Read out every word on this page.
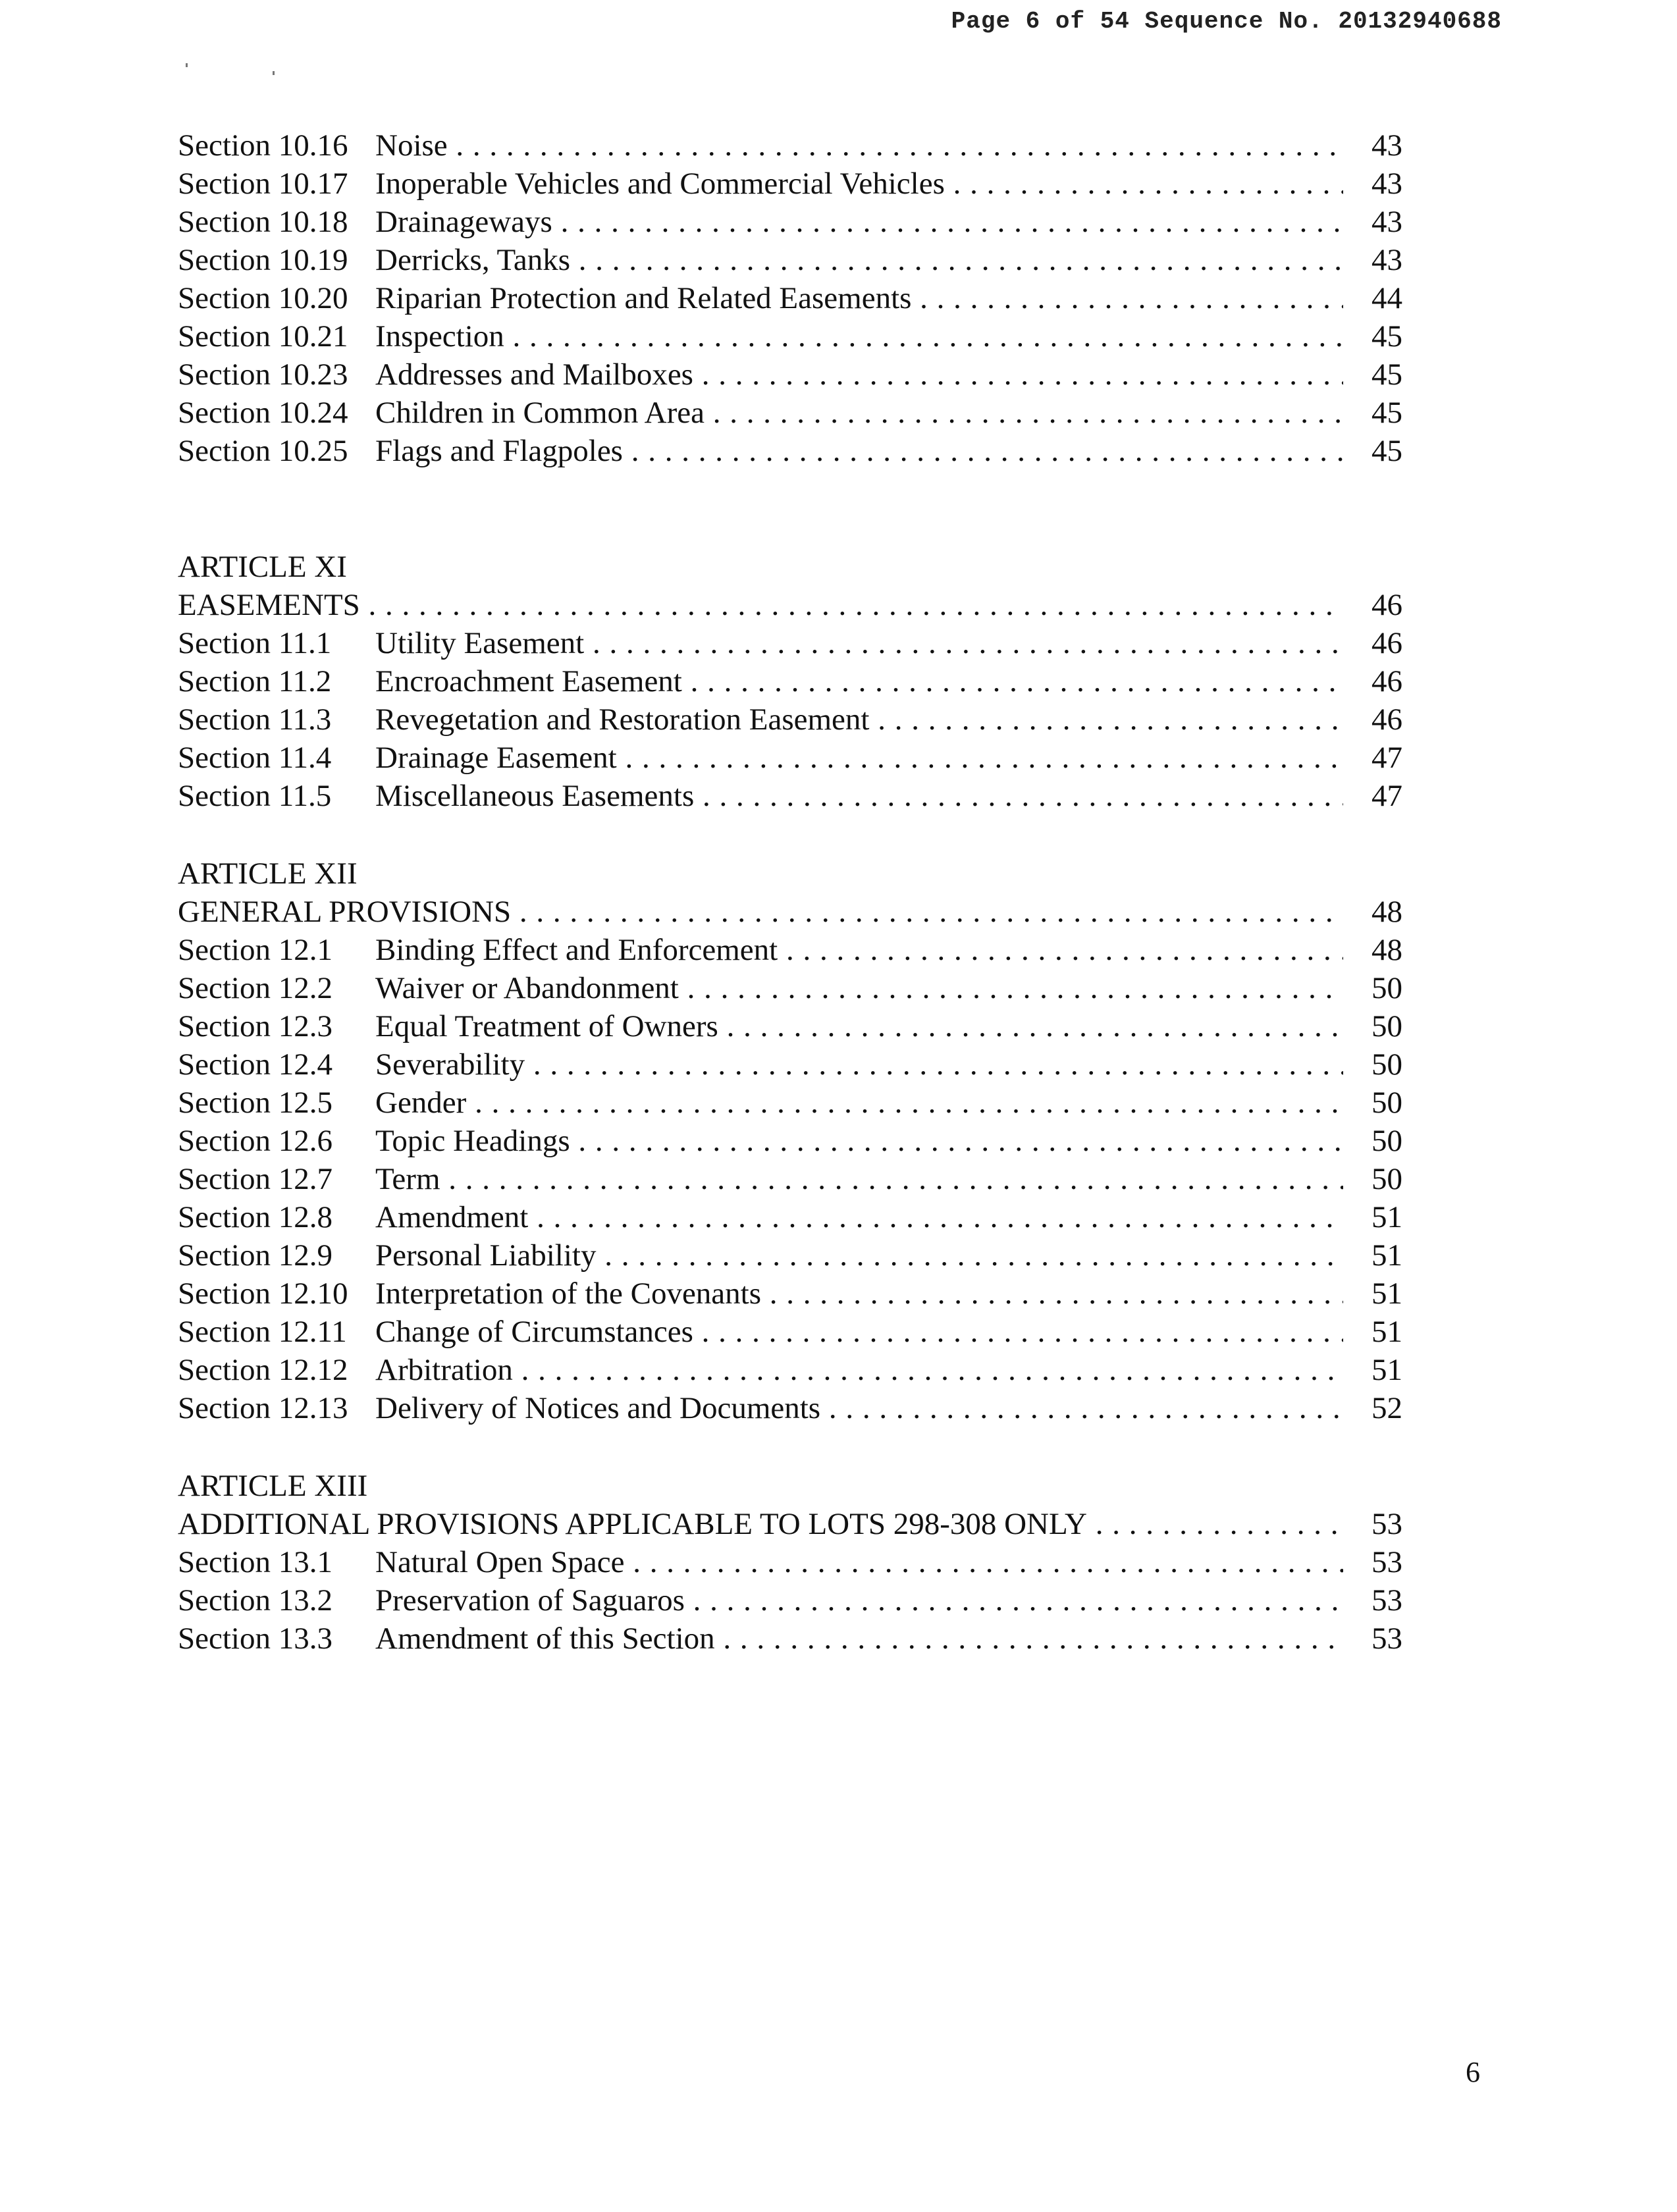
Page 6 of 54 Sequence No. 20132940688
Section 10.16 Noise . . .	43
Section 10.17 Inoperable Vehicles and Commercial Vehicles . . .	43
Section 10.18 Drainageways . . .	43
Section 10.19 Derricks, Tanks . . .	43
Section 10.20 Riparian Protection and Related Easements . . .	44
Section 10.21 Inspection . . .	45
Section 10.23 Addresses and Mailboxes . . .	45
Section 10.24 Children in Common Area . . .	45
Section 10.25 Flags and Flagpoles . . .	45
ARTICLE XI
EASEMENTS . . .	46
Section 11.1 Utility Easement . . .	46
Section 11.2 Encroachment Easement . . .	46
Section 11.3 Revegetation and Restoration Easement . . .	46
Section 11.4 Drainage Easement . . .	47
Section 11.5 Miscellaneous Easements . . .	47
ARTICLE XII
GENERAL PROVISIONS . . .	48
Section 12.1 Binding Effect and Enforcement . . .	48
Section 12.2 Waiver or Abandonment . . .	50
Section 12.3 Equal Treatment of Owners . . .	50
Section 12.4 Severability . . .	50
Section 12.5 Gender . . .	50
Section 12.6 Topic Headings . . .	50
Section 12.7 Term . . .	50
Section 12.8 Amendment . . .	51
Section 12.9 Personal Liability . . .	51
Section 12.10 Interpretation of the Covenants . . .	51
Section 12.11 Change of Circumstances . . .	51
Section 12.12 Arbitration . . .	51
Section 12.13 Delivery of Notices and Documents . . .	52
ARTICLE XIII
ADDITIONAL PROVISIONS APPLICABLE TO LOTS 298-308 ONLY . . .	53
Section 13.1 Natural Open Space . . .	53
Section 13.2 Preservation of Saguaros . . .	53
Section 13.3 Amendment of this Section . . .	53
6
